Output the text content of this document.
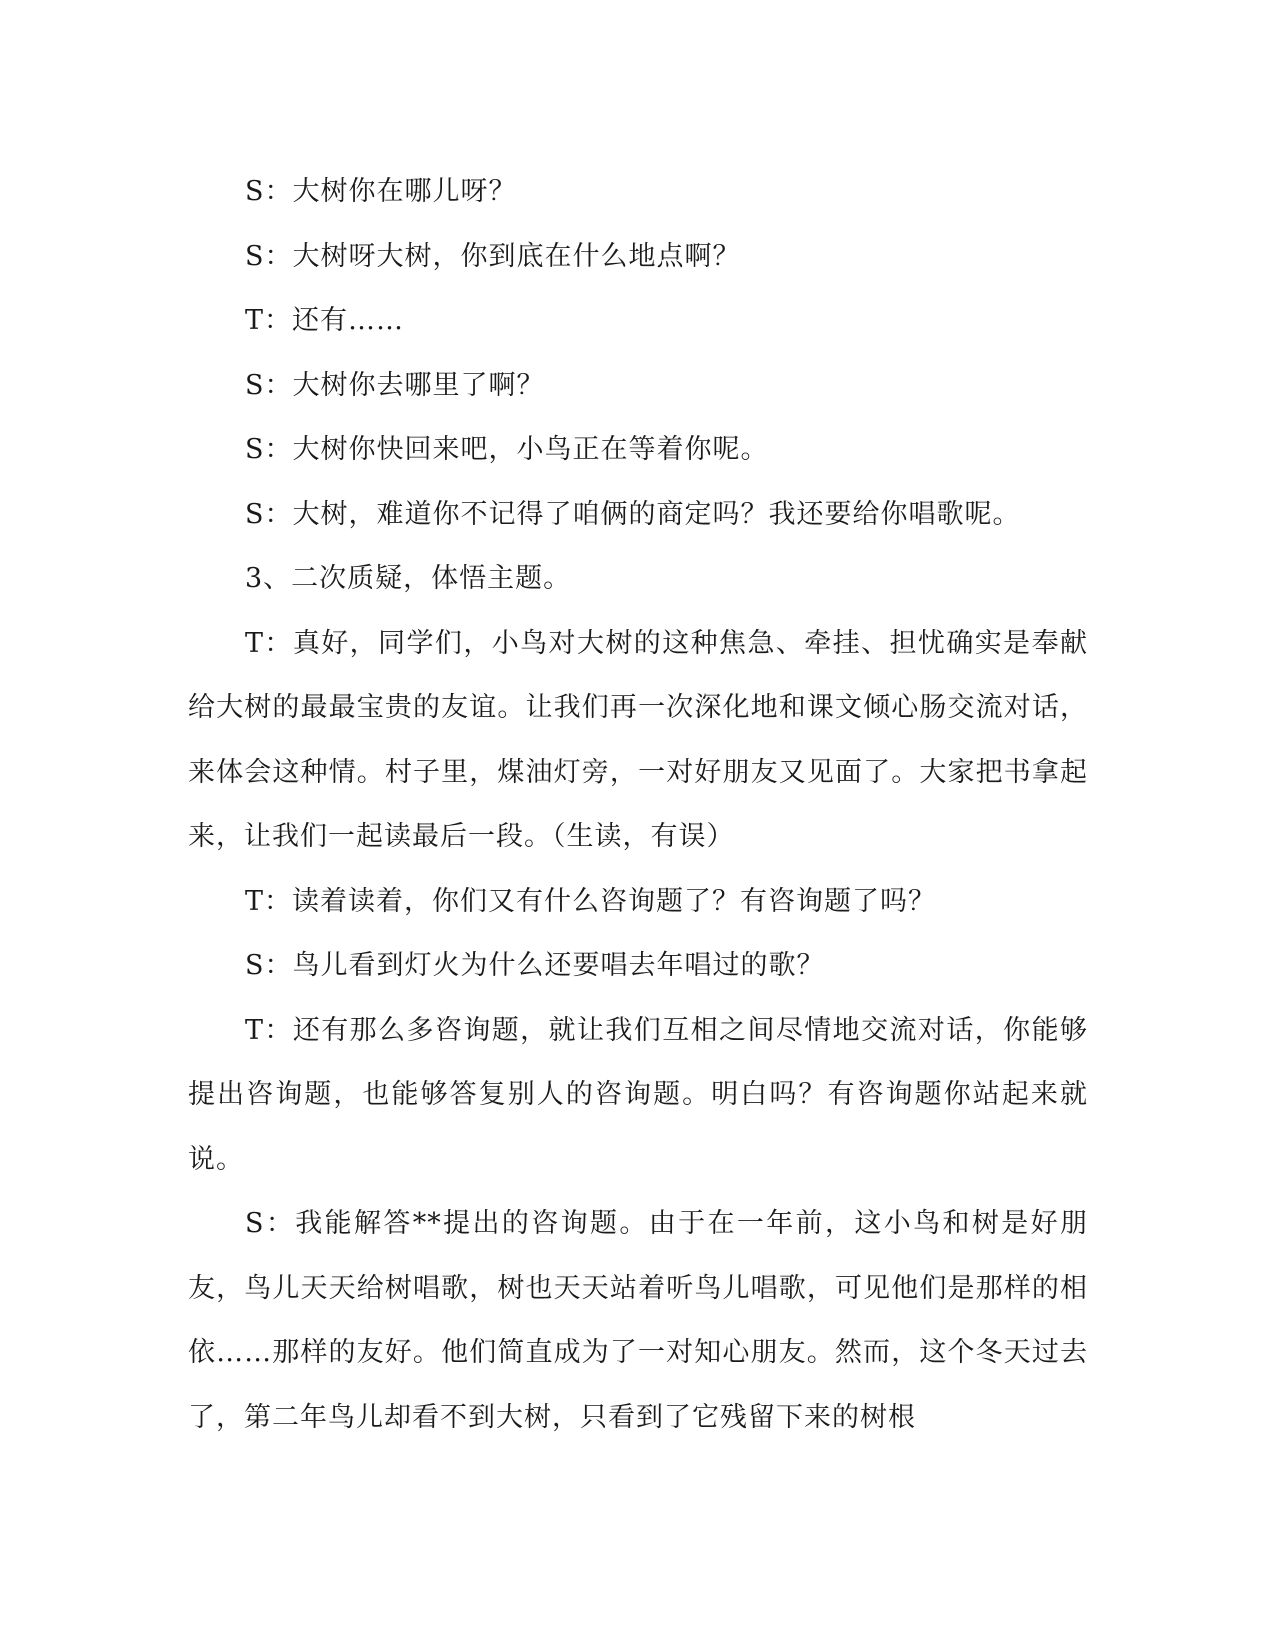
S：大树你在哪儿呀？

S：大树呀大树，你到底在什么地点啊？

T：还有……

S：大树你去哪里了啊？

S：大树你快回来吧，小鸟正在等着你呢。

S：大树，难道你不记得了咱俩的商定吗？我还要给你唱歌呢。

3、二次质疑，体悟主题。

T：真好，同学们，小鸟对大树的这种焦急、牵挂、担忧确实是奉献给大树的最最宝贵的友谊。让我们再一次深化地和课文倾心肠交流对话，来体会这种情。村子里，煤油灯旁，一对好朋友又见面了。大家把书拿起来，让我们一起读最后一段。（生读，有误）

T：读着读着，你们又有什么咨询题了？有咨询题了吗？

S：鸟儿看到灯火为什么还要唱去年唱过的歌？

T：还有那么多咨询题，就让我们互相之间尽情地交流对话，你能够提出咨询题，也能够答复别人的咨询题。明白吗？有咨询题你站起来就说。

S：我能解答**提出的咨询题。由于在一年前，这小鸟和树是好朋友，鸟儿天天给树唱歌，树也天天站着听鸟儿唱歌，可见他们是那样的相依……那样的友好。他们简直成为了一对知心朋友。然而，这个冬天过去了，第二年鸟儿却看不到大树，只看到了它残留下来的树根
